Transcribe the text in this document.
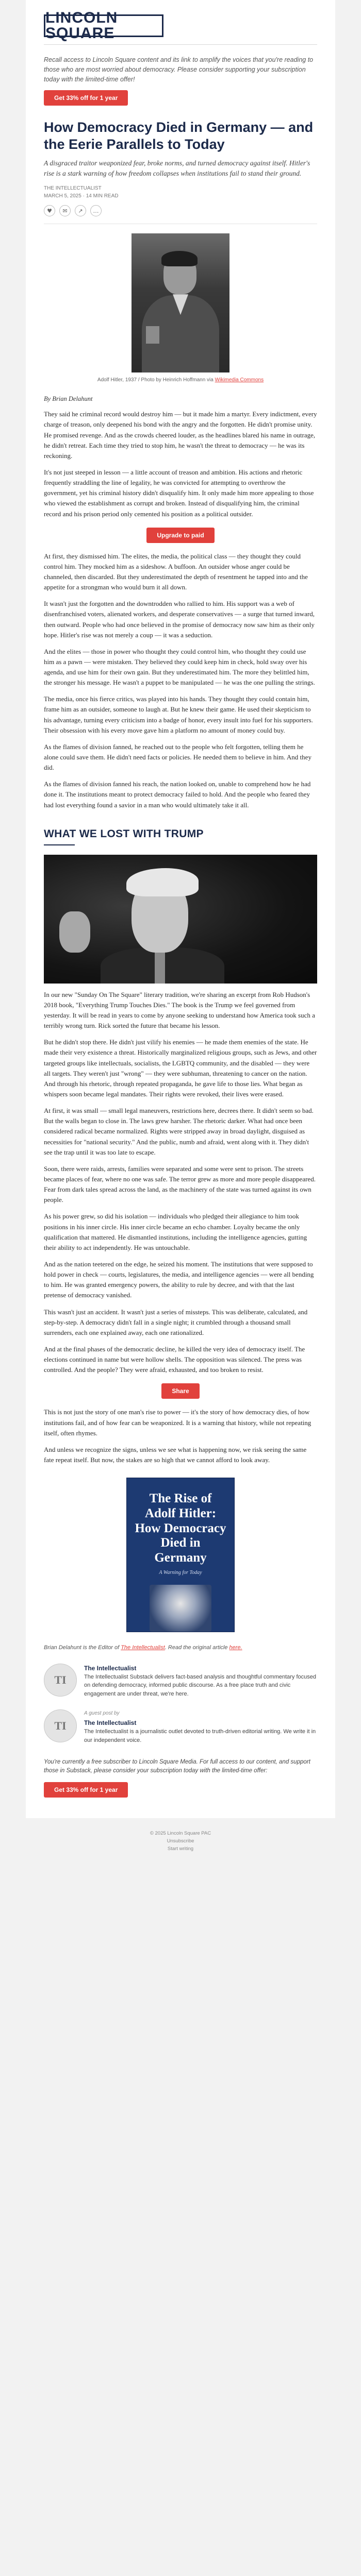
LINCOLN SQUARE

Recall access to Lincoln Square content and its link to amplify the voices that you're reading to those who are most worried about democracy. Please consider supporting your subscription today with the limited-time offer!

Get 33% off for 1 year
How Democracy Died in Germany — and the Eerie Parallels to Today

A disgraced traitor weaponized fear, broke norms, and turned democracy against itself. Hitler's rise is a stark warning of how freedom collapses when institutions fail to stand their ground.

THE INTELLECTUALIST
MARCH 5, 2025 · 14 MIN READ
♥	✉	↗	…

Adolf Hitler, 1937 / Photo by Heinrich Hoffmann via Wikimedia Commons

By Brian Delahunt

They said he criminal record would destroy him — but it made him a martyr. Every indictment, every charge of treason, only deepened his bond with the angry and the forgotten. He didn't promise unity. He promised revenge. And as the crowds cheered louder, as the headlines blared his name in outrage, he didn't retreat. Each time they tried to stop him, he wasn't the threat to democracy — he was its reckoning.

It's not just steeped in lesson — a little account of treason and ambition. His actions and rhetoric frequently straddling the line of legality, he was convicted for attempting to overthrow the government, yet his criminal history didn't disqualify him. It only made him more appealing to those who viewed the establishment as corrupt and broken. Instead of disqualifying him, the criminal record and his prison period only cemented his position as a political outsider.

Upgrade to paid

At first, they dismissed him. The elites, the media, the political class — they thought they could control him. They mocked him as a sideshow. A buffoon. An outsider whose anger could be channeled, then discarded. But they underestimated the depth of resentment he tapped into and the appetite for a strongman who would burn it all down.

It wasn't just the forgotten and the downtrodden who rallied to him. His support was a web of disenfranchised voters, alienated workers, and desperate conservatives — a surge that turned inward, then outward. People who had once believed in the promise of democracy now saw him as their only hope. Hitler's rise was not merely a coup — it was a seduction.

And the elites — those in power who thought they could control him, who thought they could use him as a pawn — were mistaken. They believed they could keep him in check, hold sway over his agenda, and use him for their own gain. But they underestimated him. The more they belittled him, the stronger his message. He wasn't a puppet to be manipulated — he was the one pulling the strings.

The media, once his fierce critics, was played into his hands. They thought they could contain him, frame him as an outsider, someone to laugh at. But he knew their game. He used their skepticism to his advantage, turning every criticism into a badge of honor, every insult into fuel for his supporters. Their obsession with his every move gave him a platform no amount of money could buy.

As the flames of division fanned, he reached out to the people who felt forgotten, telling them he alone could save them. He didn't need facts or policies. He needed them to believe in him. And they did.

As the flames of division fanned his reach, the nation looked on, unable to comprehend how he had done it. The institutions meant to protect democracy failed to hold. And the people who feared they had lost everything found a savior in a man who would ultimately take it all.

WHAT WE LOST WITH TRUMP

In our new "Sunday On The Square" literary tradition, we're sharing an excerpt from Rob Hudson's 2018 book, "Everything Trump Touches Dies." The book is the Trump we feel governed from yesterday. It will be read in years to come by anyone seeking to understand how America took such a terribly wrong turn. Rick sorted the future that became his lesson.

But he didn't stop there. He didn't just vilify his enemies — he made them enemies of the state. He made their very existence a threat. Historically marginalized religious groups, such as Jews, and other targeted groups like intellectuals, socialists, the LGBTQ community, and the disabled — they were all targets. They weren't just "wrong" — they were subhuman, threatening to cancer on the nation. And through his rhetoric, through repeated propaganda, he gave life to those lies. What began as whispers soon became legal mandates. Their rights were revoked, their lives were erased.

At first, it was small — small legal maneuvers, restrictions here, decrees there. It didn't seem so bad. But the walls began to close in. The laws grew harsher. The rhetoric darker. What had once been considered radical became normalized. Rights were stripped away in broad daylight, disguised as necessities for "national security." And the public, numb and afraid, went along with it. They didn't see the trap until it was too late to escape.

Soon, there were raids, arrests, families were separated and some were sent to prison. The streets became places of fear, where no one was safe. The terror grew as more and more people disappeared. Fear from dark tales spread across the land, as the machinery of the state was turned against its own people.

As his power grew, so did his isolation — individuals who pledged their allegiance to him took positions in his inner circle. His inner circle became an echo chamber. Loyalty became the only qualification that mattered. He dismantled institutions, including the intelligence agencies, gutting their ability to act independently. He was untouchable.

And as the nation teetered on the edge, he seized his moment. The institutions that were supposed to hold power in check — courts, legislatures, the media, and intelligence agencies — were all bending to him. He was granted emergency powers, the ability to rule by decree, and with that the last pretense of democracy vanished.

This wasn't just an accident. It wasn't just a series of missteps. This was deliberate, calculated, and step-by-step. A democracy didn't fall in a single night; it crumbled through a thousand small surrenders, each one explained away, each one rationalized.

And at the final phases of the democratic decline, he killed the very idea of democracy itself. The elections continued in name but were hollow shells. The opposition was silenced. The press was controlled. And the people? They were afraid, exhausted, and too broken to resist.

Share

This is not just the story of one man's rise to power — it's the story of how democracy dies, of how institutions fail, and of how fear can be weaponized. It is a warning that history, while not repeating itself, often rhymes.

And unless we recognize the signs, unless we see what is happening now, we risk seeing the same fate repeat itself. But now, the stakes are so high that we cannot afford to look away.

The Rise of Adolf Hitler: How Democracy Died in Germany
A Warning for Today

Brian Delahunt is the Editor of The Intellectualist. Read the original article here.

TI
The Intellectualist
The Intellectualist Substack delivers fact-based analysis and thoughtful commentary focused on defending democracy, informed public discourse. As a free place truth and civic engagement are under threat, we're here.
TI
A guest post by
The Intellectualist
The Intellectualist is a journalistic outlet devoted to truth-driven editorial writing. We write it in our independent voice.

You're currently a free subscriber to Lincoln Square Media. For full access to our content, and support those in Substack, please consider your subscription today with the limited-time offer:

Get 33% off for 1 year
© 2025 Lincoln Square PAC
Unsubscribe
Start writing
